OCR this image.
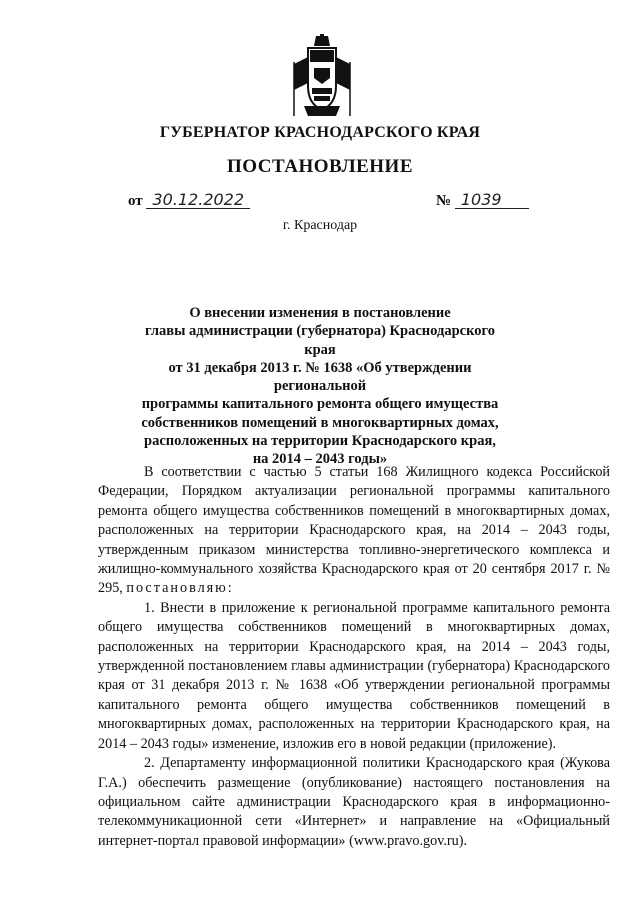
ГУБЕРНАТОР КРАСНОДАРСКОГО КРАЯ
ПОСТАНОВЛЕНИЕ
от 30.12.2022	№ 1039
г. Краснодар
О внесении изменения в постановление
главы администрации (губернатора) Краснодарского края
от 31 декабря 2013 г. № 1638 «Об утверждении региональной
программы капитального ремонта общего имущества
собственников помещений в многоквартирных домах,
расположенных на территории Краснодарского края,
на 2014 – 2043 годы»

В соответствии с частью 5 статьи 168 Жилищного кодекса Российской Федерации, Порядком актуализации региональной программы капитального ремонта общего имущества собственников помещений в многоквартирных домах, расположенных на территории Краснодарского края, на 2014 – 2043 годы, утвержденным приказом министерства топливно-энергетического комплекса и жилищно-коммунального хозяйства Краснодарского края от 20 сентября 2017 г. № 295, постановляю:

1. Внести в приложение к региональной программе капитального ремонта общего имущества собственников помещений в многоквартирных домах, расположенных на территории Краснодарского края, на 2014 – 2043 годы, утвержденной постановлением главы администрации (губернатора) Краснодарского края от 31 декабря 2013 г. № 1638 «Об утверждении региональной программы капитального ремонта общего имущества собственников помещений в многоквартирных домах, расположенных на территории Краснодарского края, на 2014 – 2043 годы» изменение, изложив его в новой редакции (приложение).

2. Департаменту информационной политики Краснодарского края (Жукова Г.А.) обеспечить размещение (опубликование) настоящего постановления на официальном сайте администрации Краснодарского края в информационно-телекоммуникационной сети «Интернет» и направление на «Официальный интернет-портал правовой информации» (www.pravo.gov.ru).
